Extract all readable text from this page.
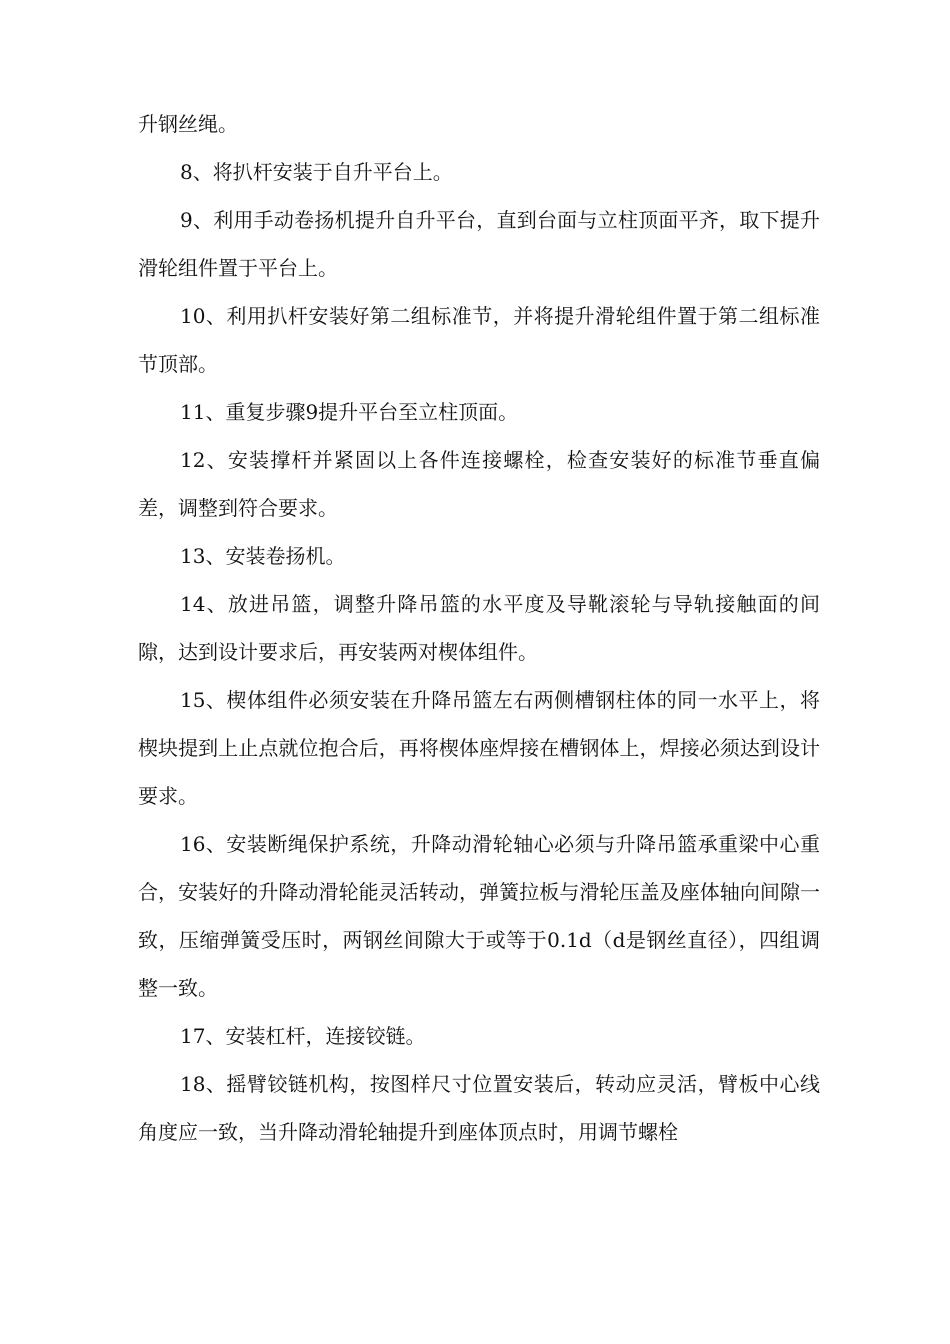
升钢丝绳。

8、将扒杆安装于自升平台上。

9、利用手动卷扬机提升自升平台，直到台面与立柱顶面平齐，取下提升滑轮组件置于平台上。

10、利用扒杆安装好第二组标准节，并将提升滑轮组件置于第二组标准节顶部。

11、重复步骤9提升平台至立柱顶面。

12、安装撑杆并紧固以上各件连接螺栓，检查安装好的标准节垂直偏差，调整到符合要求。

13、安装卷扬机。

14、放进吊篮，调整升降吊篮的水平度及导靴滚轮与导轨接触面的间隙，达到设计要求后，再安装两对楔体组件。

15、楔体组件必须安装在升降吊篮左右两侧槽钢柱体的同一水平上，将楔块提到上止点就位抱合后，再将楔体座焊接在槽钢体上，焊接必须达到设计要求。

16、安装断绳保护系统，升降动滑轮轴心必须与升降吊篮承重梁中心重合，安装好的升降动滑轮能灵活转动，弹簧拉板与滑轮压盖及座体轴向间隙一致，压缩弹簧受压时，两钢丝间隙大于或等于0.1d（d是钢丝直径），四组调整一致。

17、安装杠杆，连接铰链。

18、摇臂铰链机构，按图样尺寸位置安装后，转动应灵活，臂板中心线角度应一致，当升降动滑轮轴提升到座体顶点时，用调节螺栓
